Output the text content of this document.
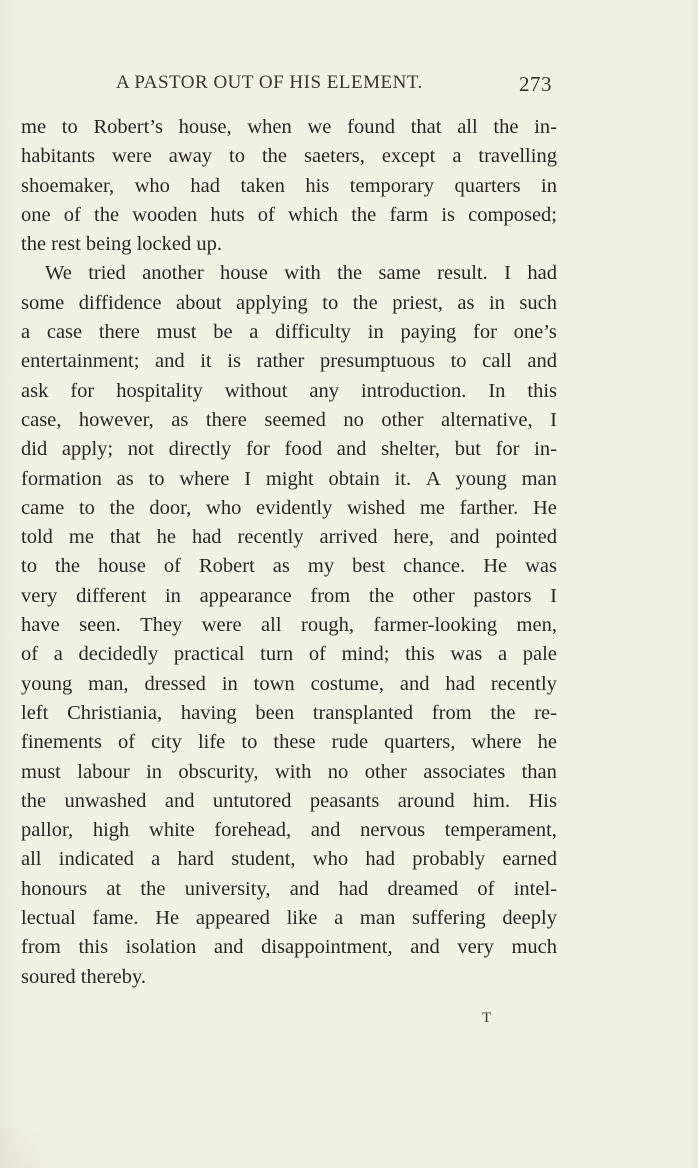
A PASTOR OUT OF HIS ELEMENT.	273
me to Robert’s house, when we found that all the in-
habitants were away to the saeters, except a travelling
shoemaker, who had taken his temporary quarters in
one of the wooden huts of which the farm is composed;
the rest being locked up.
We tried another house with the same result. I had
some diffidence about applying to the priest, as in such
a case there must be a difficulty in paying for one’s
entertainment; and it is rather presumptuous to call and
ask for hospitality without any introduction. In this
case, however, as there seemed no other alternative, I
did apply; not directly for food and shelter, but for in-
formation as to where I might obtain it. A young man
came to the door, who evidently wished me farther. He
told me that he had recently arrived here, and pointed
to the house of Robert as my best chance. He was
very different in appearance from the other pastors I
have seen. They were all rough, farmer-looking men,
of a decidedly practical turn of mind; this was a pale
young man, dressed in town costume, and had recently
left Christiania, having been transplanted from the re-
finements of city life to these rude quarters, where he
must labour in obscurity, with no other associates than
the unwashed and untutored peasants around him. His
pallor, high white forehead, and nervous temperament,
all indicated a hard student, who had probably earned
honours at the university, and had dreamed of intel-
lectual fame. He appeared like a man suffering deeply
from this isolation and disappointment, and very much
soured thereby.
T
